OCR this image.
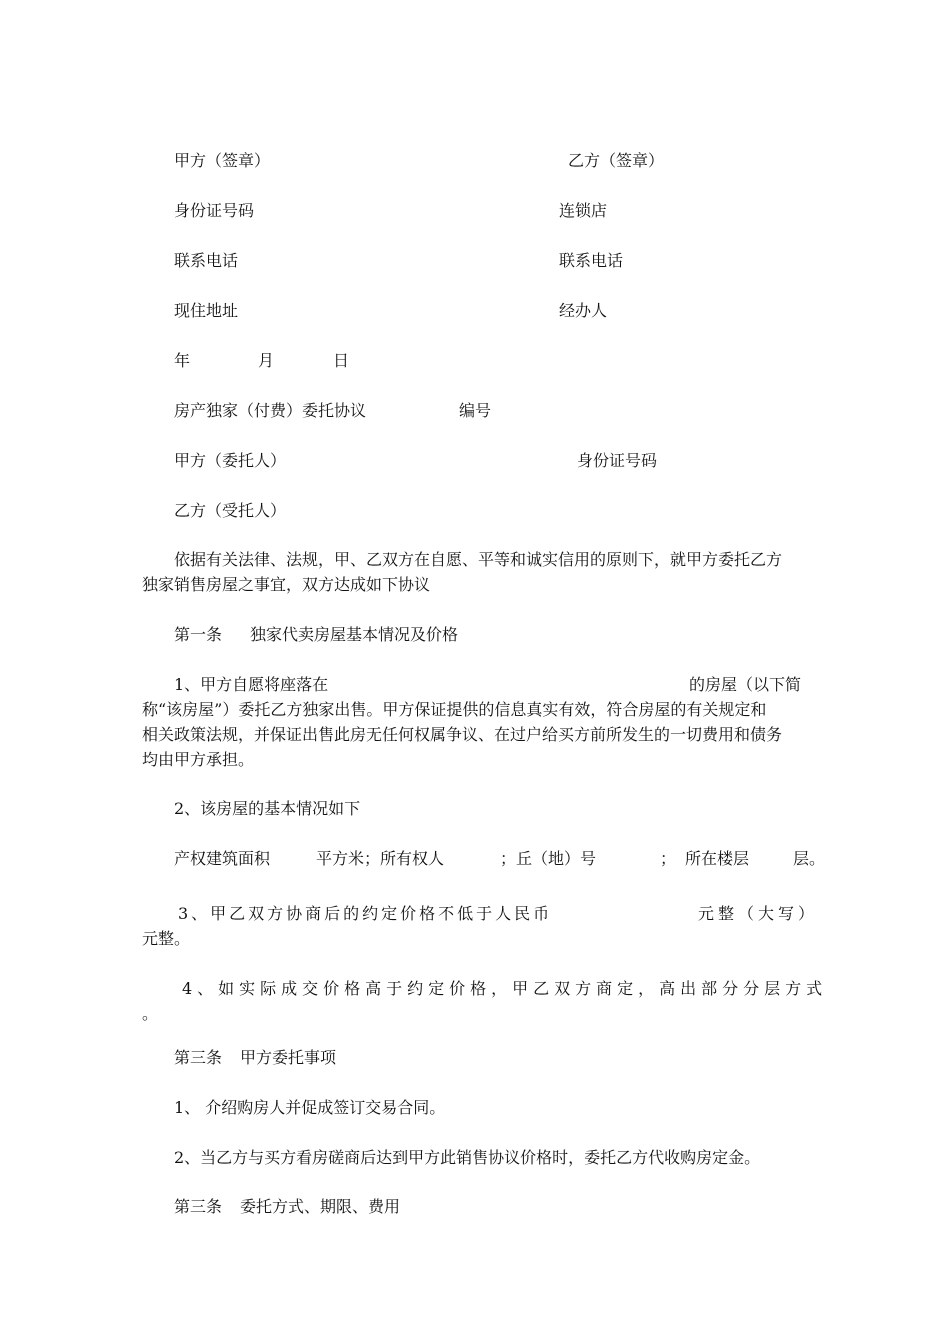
甲方（签章）	乙方（签章）
身份证号码	连锁店
联系电话	联系电话
现住地址	经办人
年	月	日
房产独家（付费）委托协议	编号
甲方（委托人）	身份证号码
乙方（受托人）
依据有关法律、法规，甲、乙双方在自愿、平等和诚实信用的原则下，就甲方委托乙方
独家销售房屋之事宜，双方达成如下协议
第一条 独家代卖房屋基本情况及价格
1、甲方自愿将座落在	的房屋（以下简
称“该房屋”）委托乙方独家出售。甲方保证提供的信息真实有效，符合房屋的有关规定和
相关政策法规，并保证出售此房无任何权属争议、在过户给买方前所发生的一切费用和债务
均由甲方承担。
2、该房屋的基本情况如下
产权建筑面积	平方米；所有权人	；丘（地）号	； 所在楼层	层。
3、甲乙双方协商后的约定价格不低于人民币	元整（大写）
元整。
4、如实际成交价格高于约定价格，甲乙双方商定，高出部分分层方式
。
第三条 甲方委托事项
1、 介绍购房人并促成签订交易合同。
2、当乙方与买方看房磋商后达到甲方此销售协议价格时，委托乙方代收购房定金。
第三条 委托方式、期限、费用
